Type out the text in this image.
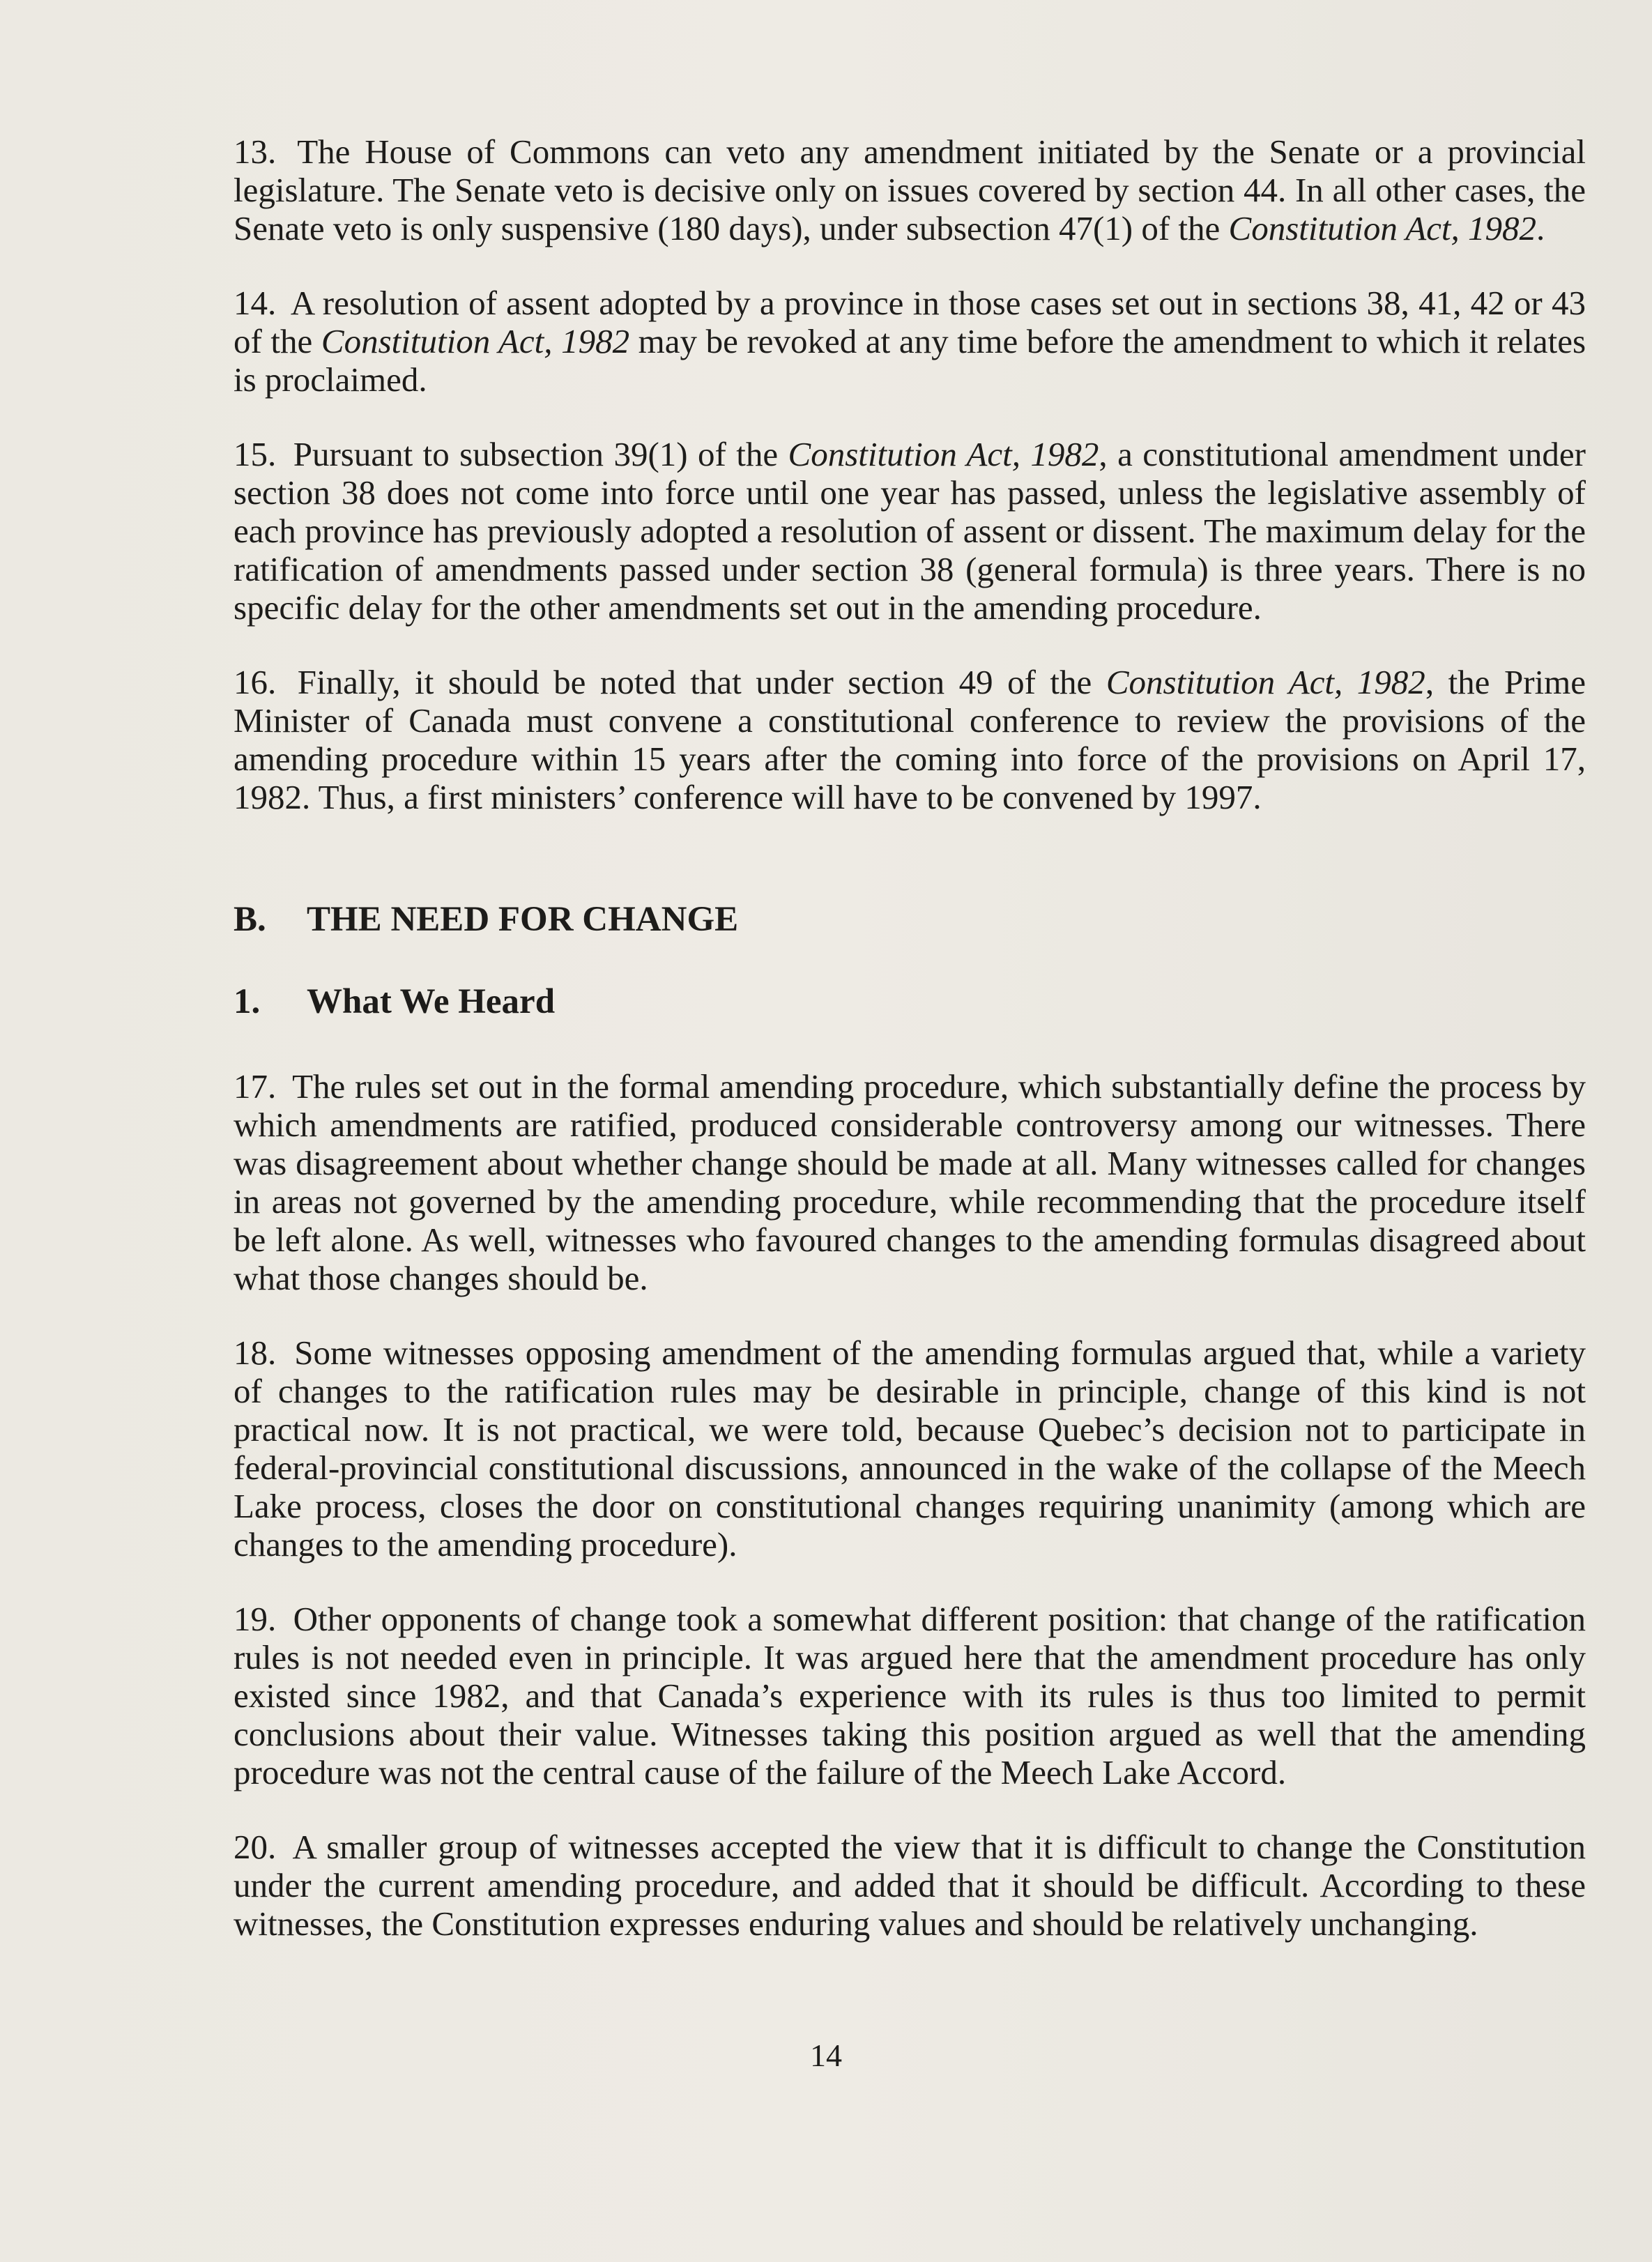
13. The House of Commons can veto any amendment initiated by the Senate or a provincial legislature. The Senate veto is decisive only on issues covered by section 44. In all other cases, the Senate veto is only suspensive (180 days), under subsection 47(1) of the Constitution Act, 1982.

14. A resolution of assent adopted by a province in those cases set out in sections 38, 41, 42 or 43 of the Constitution Act, 1982 may be revoked at any time before the amendment to which it relates is proclaimed.

15. Pursuant to subsection 39(1) of the Constitution Act, 1982, a constitutional amendment under section 38 does not come into force until one year has passed, unless the legislative assembly of each province has previously adopted a resolution of assent or dissent. The maximum delay for the ratification of amendments passed under section 38 (general formula) is three years. There is no specific delay for the other amendments set out in the amending procedure.

16. Finally, it should be noted that under section 49 of the Constitution Act, 1982, the Prime Minister of Canada must convene a constitutional conference to review the provisions of the amending procedure within 15 years after the coming into force of the provisions on April 17, 1982. Thus, a first ministers’ conference will have to be convened by 1997.

B. THE NEED FOR CHANGE
1. What We Heard

17. The rules set out in the formal amending procedure, which substantially define the process by which amendments are ratified, produced considerable controversy among our witnesses. There was disagreement about whether change should be made at all. Many witnesses called for changes in areas not governed by the amending procedure, while recommending that the procedure itself be left alone. As well, witnesses who favoured changes to the amending formulas disagreed about what those changes should be.

18. Some witnesses opposing amendment of the amending formulas argued that, while a variety of changes to the ratification rules may be desirable in principle, change of this kind is not practical now. It is not practical, we were told, because Quebec’s decision not to participate in federal-provincial constitutional discussions, announced in the wake of the collapse of the Meech Lake process, closes the door on constitutional changes requiring unanimity (among which are changes to the amending procedure).

19. Other opponents of change took a somewhat different position: that change of the ratification rules is not needed even in principle. It was argued here that the amendment procedure has only existed since 1982, and that Canada’s experience with its rules is thus too limited to permit conclusions about their value. Witnesses taking this position argued as well that the amending procedure was not the central cause of the failure of the Meech Lake Accord.

20. A smaller group of witnesses accepted the view that it is difficult to change the Constitution under the current amending procedure, and added that it should be difficult. According to these witnesses, the Constitution expresses enduring values and should be relatively unchanging.

14
